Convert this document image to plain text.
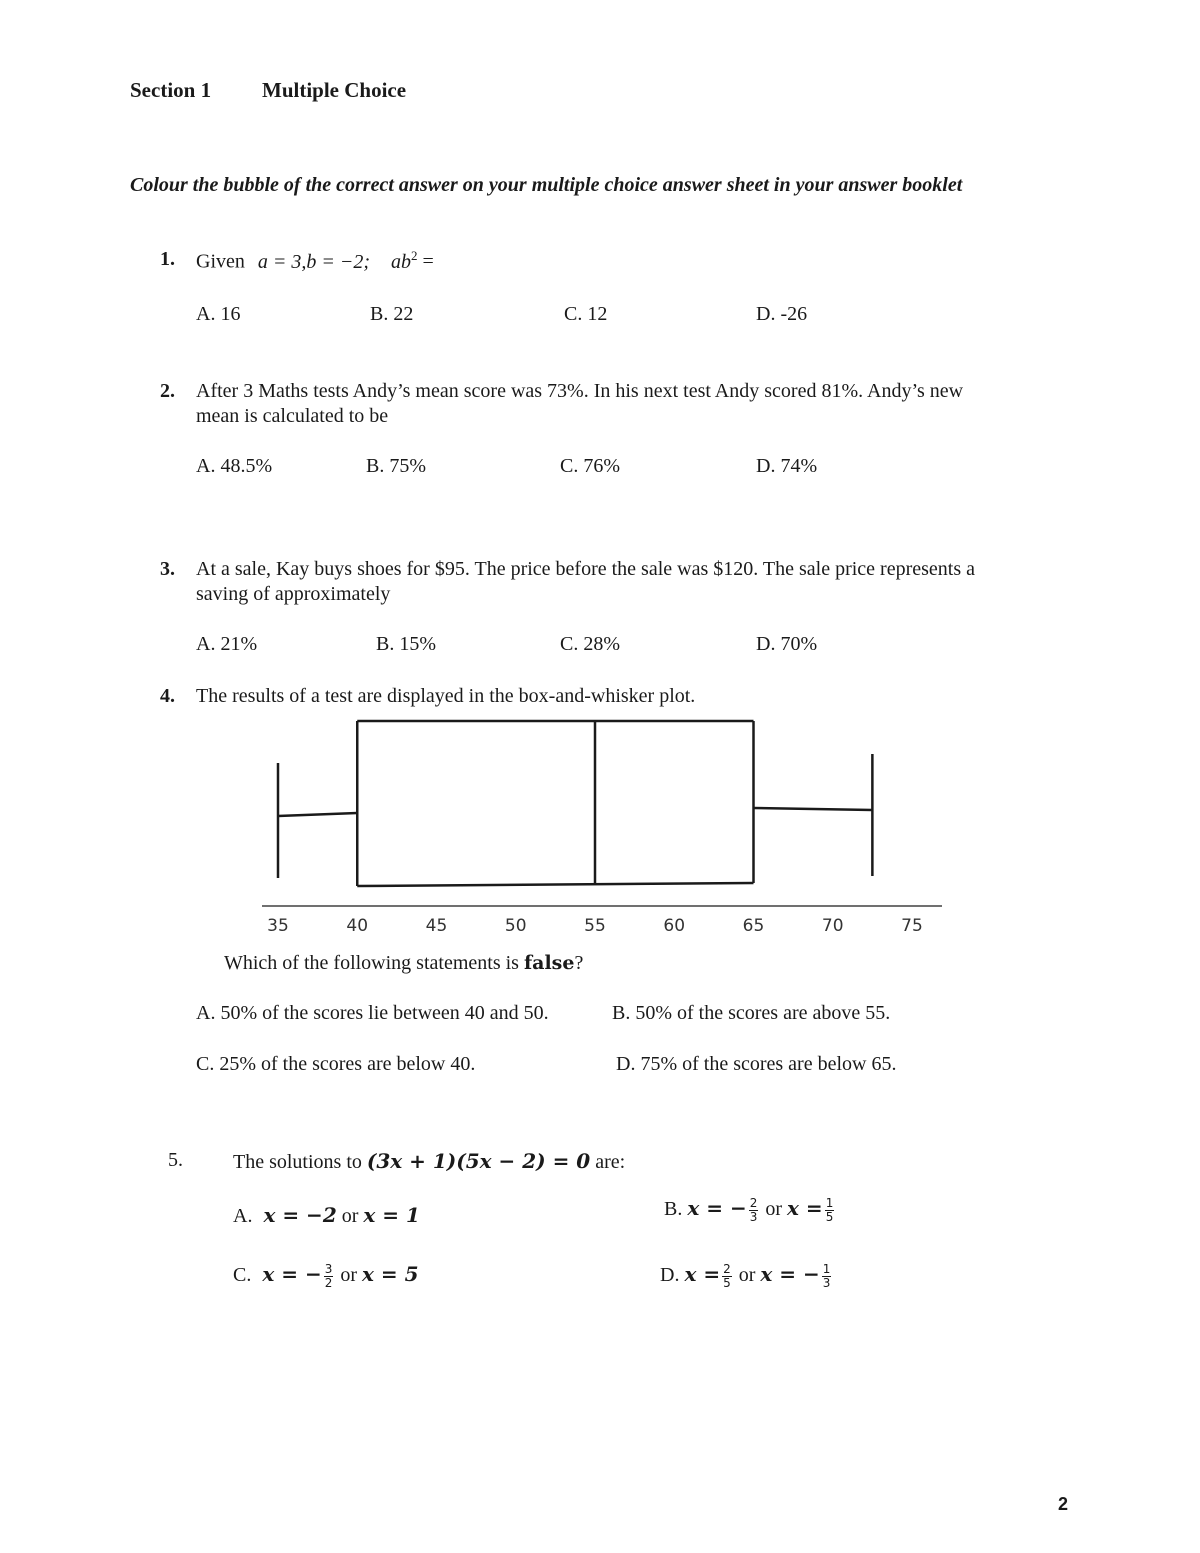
Section 1 Multiple Choice
Colour the bubble of the correct answer on your multiple choice answer sheet in your answer booklet
1. Given a = 3,b = −2; $ab^2$ =
A. 16	B. 22	C. 12	D. -26
2. After 3 Maths tests Andy’s mean score was 73%. In his next test Andy scored 81%. Andy’s new
mean is calculated to be
A. 48.5%	B. 75%	C. 76%	D. 74%
3. At a sale, Kay buys shoes for $95. The price before the sale was $120. The sale price represents a
saving of approximately
A. 21%	B. 15%	C. 28%	D. 70%
4. The results of a test are displayed in the box-and-whisker plot.
35	40	45	50	55	60	65	70	75
Which of the following statements is false?
A. 50% of the scores lie between 40 and 50.	B. 50% of the scores are above 55.
C. 25% of the scores are below 40.	D. 75% of the scores are below 65.
5.	The solutions to (3x + 1)(5x − 2) = 0 are:
A. x = −2 or x = 1	B. x = − $\frac{2}{3}$ or $x = \frac{1}{5}$
C. x = − $\frac{3}{2}$ or x = 5	D. $x = \frac{2}{5}$ or x = − $\frac{1}{3}$
2
